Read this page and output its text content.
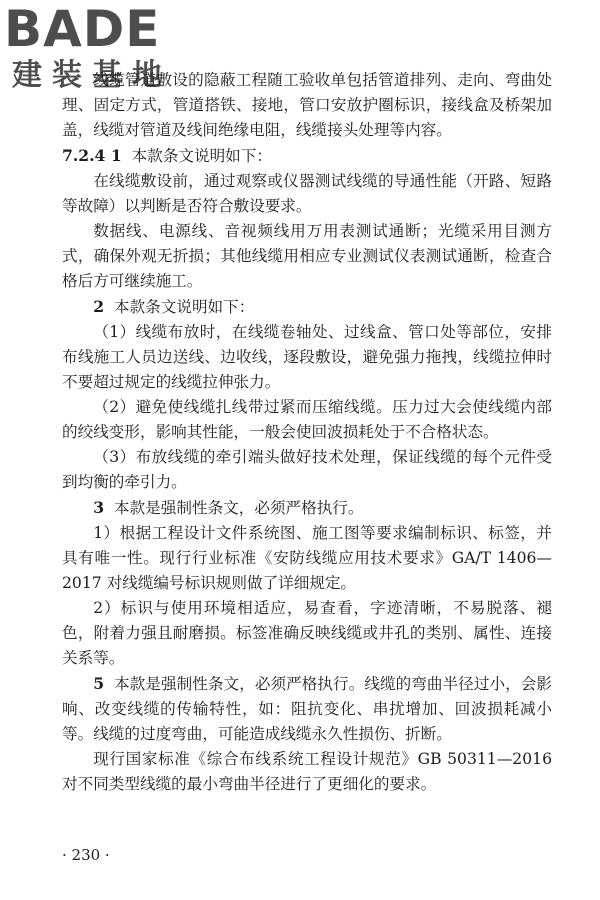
BADE
建装基地

线缆管道敷设的隐蔽工程随工验收单包括管道排列、走向、弯曲处理、固定方式，管道搭铁、接地，管口安放护圈标识，接线盒及桥架加盖，线缆对管道及线间绝缘电阻，线缆接头处理等内容。

7.2.4 1 本款条文说明如下：

在线缆敷设前，通过观察或仪器测试线缆的导通性能（开路、短路等故障）以判断是否符合敷设要求。

数据线、电源线、音视频线用万用表测试通断；光缆采用目测方式，确保外观无折损；其他线缆用相应专业测试仪表测试通断，检查合格后方可继续施工。

2 本款条文说明如下：

（1）线缆布放时，在线缆卷轴处、过线盒、管口处等部位，安排布线施工人员边送线、边收线，逐段敷设，避免强力拖拽，线缆拉伸时不要超过规定的线缆拉伸张力。

（2）避免使线缆扎线带过紧而压缩线缆。压力过大会使线缆内部的绞线变形，影响其性能，一般会使回波损耗处于不合格状态。

（3）布放线缆的牵引端头做好技术处理，保证线缆的每个元件受到均衡的牵引力。

3 本款是强制性条文，必须严格执行。

1）根据工程设计文件系统图、施工图等要求编制标识、标签，并具有唯一性。现行行业标准《安防线缆应用技术要求》GA/T 1406—2017 对线缆编号标识规则做了详细规定。

2）标识与使用环境相适应，易查看，字迹清晰，不易脱落、褪色，附着力强且耐磨损。标签准确反映线缆或井孔的类别、属性、连接关系等。

5 本款是强制性条文，必须严格执行。线缆的弯曲半径过小，会影响、改变线缆的传输特性，如：阻抗变化、串扰增加、回波损耗减小等。线缆的过度弯曲，可能造成线缆永久性损伤、折断。

现行国家标准《综合布线系统工程设计规范》GB 50311—2016 对不同类型线缆的最小弯曲半径进行了更细化的要求。

· 230 ·
